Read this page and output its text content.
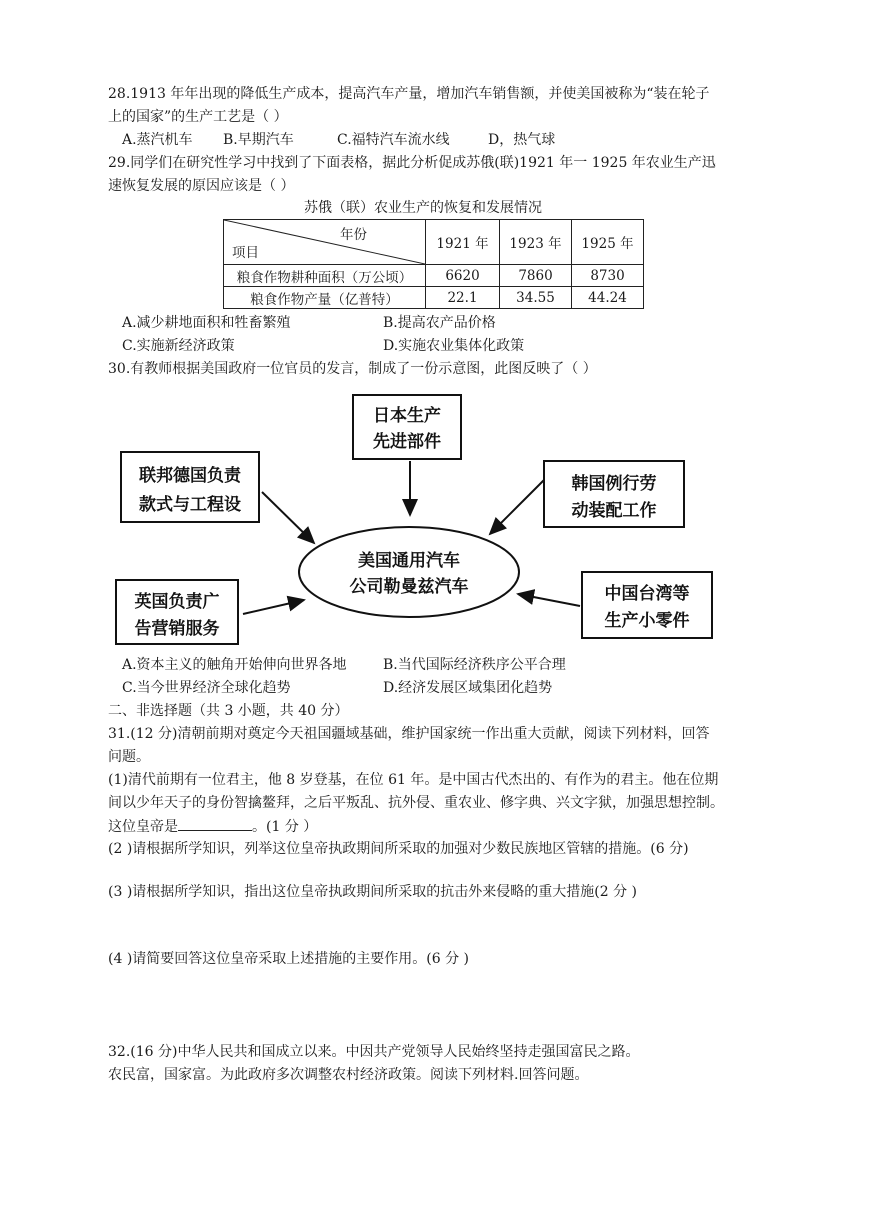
28.1913 年年出现的降低生产成本，提高汽车产量，增加汽车销售额，并使美国被称为“装在轮子
上的国家”的生产工艺是（ ）
A.蒸汽机车 B.早期汽车	C.福特汽车流水线	D，热气球
29.同学们在研究性学习中找到了下面表格，据此分析促成苏俄(联)1921 年一 1925 年农业生产迅
速恢复发展的原因应该是（ ）
苏俄（联）农业生产的恢复和发展情况
年份
项目	1921 年	1923 年	1925 年
粮食作物耕种面积（万公顷）	6620	7860	8730
粮食作物产量（亿普特）	22.1	34.55	44.24
A.减少耕地面积和牲畜繁殖	B.提高农产品价格
C.实施新经济政策	D.实施农业集体化政策
30.有教师根据美国政府一位官员的发言，制成了一份示意图，此图反映了（ ）
日本生产
先进部件
联邦德国负责
款式与工程设
韩国例行劳
动装配工作
英国负责广
告营销服务
中国台湾等
生产小零件
美国通用汽车
公司勒曼兹汽车
A.资本主义的触角开始伸向世界各地	B.当代国际经济秩序公平合理
C.当今世界经济全球化趋势	D.经济发展区域集团化趋势
二、非选择题（共 3 小题，共 40 分）
31.(12 分)清朝前期对奠定今天祖国疆域基础，维护国家统一作出重大贡献，阅读下列材料，回答
问题。
(1)清代前期有一位君主，他 8 岁登基，在位 61 年。是中国古代杰出的、有作为的君主。他在位期
间以少年天子的身份智擒鳌拜，之后平叛乱、抗外侵、重农业、修字典、兴文字狱，加强思想控制。
这位皇帝是	。(1 分 ）
(2 )请根据所学知识，列举这位皇帝执政期间所采取的加强对少数民族地区管辖的措施。(6 分)
(3 )请根据所学知识，指出这位皇帝执政期间所采取的抗击外来侵略的重大措施(2 分 )
(4 )请简要回答这位皇帝采取上述措施的主要作用。(6 分 )
32.(16 分)中华人民共和国成立以来。中因共产党领导人民始终坚持走强国富民之路。
农民富，国家富。为此政府多次调整农村经济政策。阅读下列材料.回答问题。
